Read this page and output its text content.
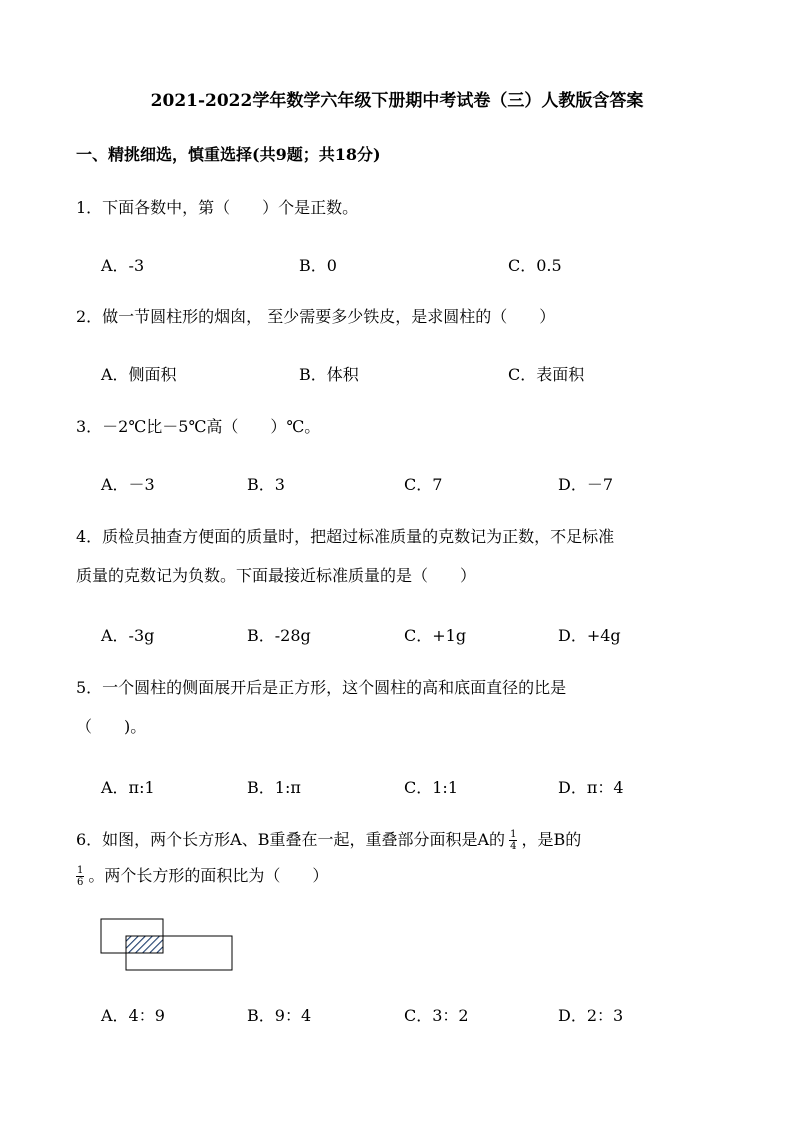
2021-2022学年数学六年级下册期中考试卷（三）人教版含答案
一、精挑细选，慎重选择(共9题；共18分)
1．下面各数中，第（　　）个是正数。
A．-3	B．0	C．0.5
2．做一节圆柱形的烟囱， 至少需要多少铁皮，是求圆柱的（　　）
A．侧面积	B．体积	C．表面积
3．－2℃比－5℃高（　　）℃。
A．－3	B．3	C．7	D．－7
4．质检员抽查方便面的质量时，把超过标准质量的克数记为正数，不足标准
质量的克数记为负数。下面最接近标准质量的是（　　）
A．-3g	B．-28g	C．+1g	D．+4g
5．一个圆柱的侧面展开后是正方形，这个圆柱的高和底面直径的比是
（　　)。
A．π:1	B．1:π	C．1:1	D．π：4
6．如图，两个长方形A、B重叠在一起，重叠部分面积是A的 $\frac{1}{4}$ ，是B的
$\frac{1}{6}$ 。两个长方形的面积比为（　　）
A．4：9	B．9：4	C．3：2	D．2：3
